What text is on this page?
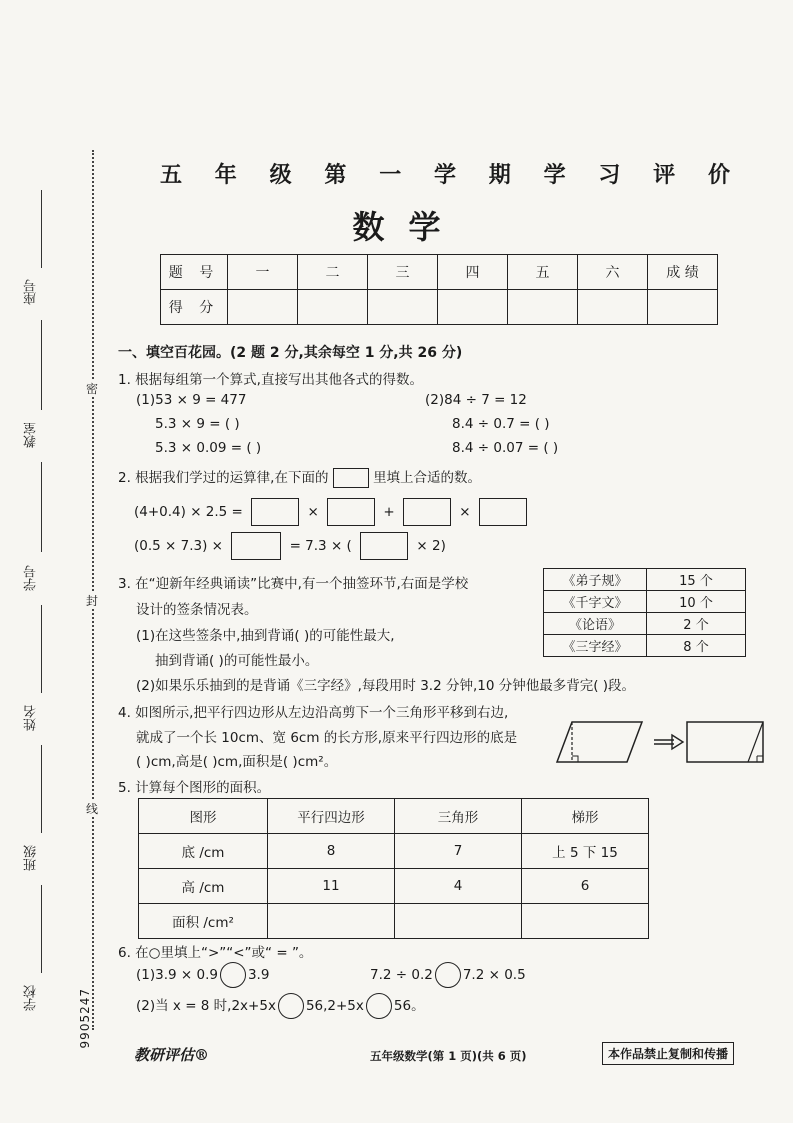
座号
教室
学号
姓名
班级
学校
密
封
线
9905247
五 年 级 第 一 学 期 学 习 评 价
数学
题 号	一	二	三	四	五	六	成 绩
得 分							
一、填空百花园。(2 题 2 分,其余每空 1 分,共 26 分)
1. 根据每组第一个算式,直接写出其他各式的得数。
(1)53 × 9 = 477
5.3 × 9 = ( )
5.3 × 0.09 = ( )
(2)84 ÷ 7 = 12
8.4 ÷ 0.7 = ( )
8.4 ÷ 0.07 = ( )
2. 根据我们学过的运算律,在下面的	里填上合适的数。
(4+0.4) × 2.5 =	×	+	×
(0.5 × 7.3) ×	= 7.3 × (	× 2)
3. 在“迎新年经典诵读”比赛中,有一个抽签环节,右面是学校
设计的签条情况表。
(1)在这些签条中,抽到背诵( )的可能性最大,
抽到背诵( )的可能性最小。
(2)如果乐乐抽到的是背诵《三字经》,每段用时 3.2 分钟,10 分钟他最多背完( )段。
《弟子规》	15 个
《千字文》	10 个
《论语》	2 个
《三字经》	8 个
4. 如图所示,把平行四边形从左边沿高剪下一个三角形平移到右边,
就成了一个长 10cm、宽 6cm 的长方形,原来平行四边形的底是
( )cm,高是( )cm,面积是( )cm²。
5. 计算每个图形的面积。
图形	平行四边形	三角形	梯形
底 /cm	8	7	上 5 下 15
高 /cm	11	4	6
面积 /cm²			
6. 在○里填上“>”“<”或“ = ”。
(1)3.9 × 0.9 3.9	7.2 ÷ 0.2 7.2 × 0.5
(2)当 x = 8 时,2x+5x 56,2+5x 56。
教研评估®	五年级数学(第 1 页)(共 6 页)	本作品禁止复制和传播
